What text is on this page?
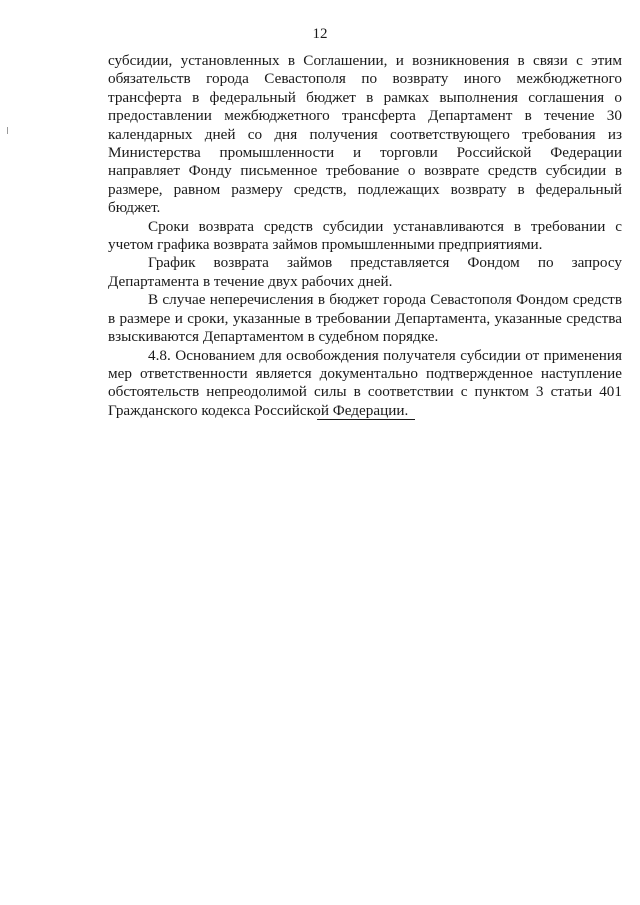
12

субсидии, установленных в Соглашении, и возникновения в связи с этим обязательств города Севастополя по возврату иного межбюджетного трансферта в федеральный бюджет в рамках выполнения соглашения о предоставлении межбюджетного трансферта Департамент в течение 30 календарных дней со дня получения соответствующего требования из Министерства промышленности и торговли Российской Федерации направляет Фонду письменное требование о возврате средств субсидии в размере, равном размеру средств, подлежащих возврату в федеральный бюджет.

Сроки возврата средств субсидии устанавливаются в требовании с учетом графика возврата займов промышленными предприятиями.

График возврата займов представляется Фондом по запросу Департамента в течение двух рабочих дней.

В случае неперечисления в бюджет города Севастополя Фондом средств в размере и сроки, указанные в требовании Департамента, указанные средства взыскиваются Департаментом в судебном порядке.

4.8. Основанием для освобождения получателя субсидии от применения мер ответственности является документально подтвержденное наступление обстоятельств непреодолимой силы в соответствии с пунктом 3 статьи 401 Гражданского кодекса Российской Федерации.
